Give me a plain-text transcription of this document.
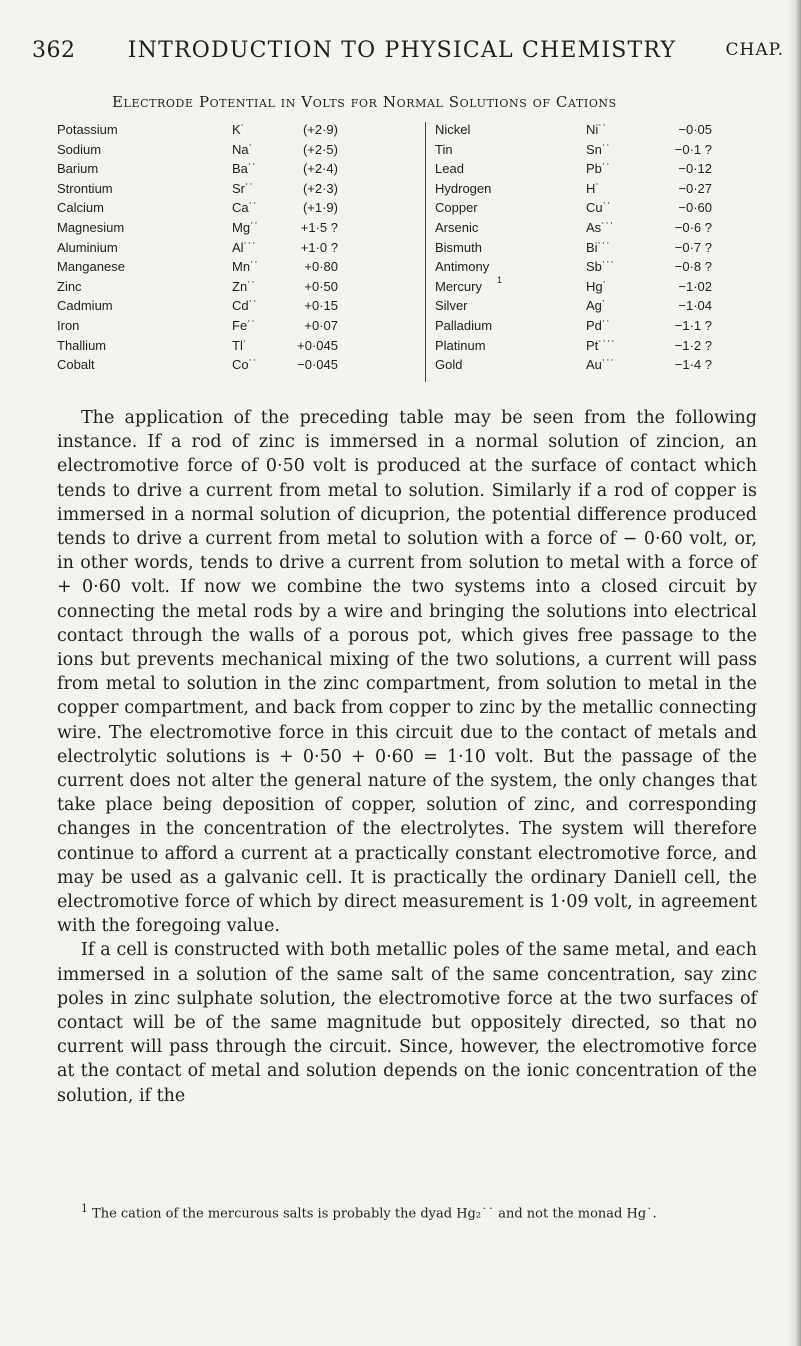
362	INTRODUCTION TO PHYSICAL CHEMISTRY	CHAP.
Electrode Potential in Volts for Normal Solutions of Cations
Potassium	K˙	(+2·9)	Nickel	Ni˙˙	−0·05
Sodium	Na˙	(+2·5)	Tin	Sn˙˙	−0·1 ?
Barium	Ba˙˙	(+2·4)	Lead	Pb˙˙	−0·12
Strontium	Sr˙˙	(+2·3)	Hydrogen	H˙	−0·27
Calcium	Ca˙˙	(+1·9)	Copper	Cu˙˙	−0·60
Magnesium	Mg˙˙	+1·5 ?	Arsenic	As˙˙˙	−0·6 ?
Aluminium	Al˙˙˙	+1·0 ?	Bismuth	Bi˙˙˙	−0·7 ?
Manganese	Mn˙˙	+0·80	Antimony	Sb˙˙˙	−0·8 ?
Zinc	Zn˙˙	+0·50	Mercury 1	Hg˙	−1·02
Cadmium	Cd˙˙	+0·15	Silver	Ag˙	−1·04
Iron	Fe˙˙	+0·07	Palladium	Pd˙˙	−1·1 ?
Thallium	Tl˙	+0·045	Platinum	Pt˙˙˙˙	−1·2 ?
Cobalt	Co˙˙	−0·045	Gold	Au˙˙˙	−1·4 ?

The application of the preceding table may be seen from the following instance. If a rod of zinc is immersed in a normal solution of zincion, an electromotive force of 0·50 volt is produced at the surface of contact which tends to drive a current from metal to solution. Similarly if a rod of copper is immersed in a normal solution of dicuprion, the potential difference produced tends to drive a current from metal to solution with a force of − 0·60 volt, or, in other words, tends to drive a current from solution to metal with a force of + 0·60 volt. If now we combine the two systems into a closed circuit by connecting the metal rods by a wire and bringing the solutions into electrical contact through the walls of a porous pot, which gives free passage to the ions but prevents mechanical mixing of the two solutions, a current will pass from metal to solution in the zinc compartment, from solution to metal in the copper compartment, and back from copper to zinc by the metallic connecting wire. The electromotive force in this circuit due to the contact of metals and electrolytic solutions is + 0·50 + 0·60 = 1·10 volt. But the passage of the current does not alter the general nature of the system, the only changes that take place being deposition of copper, solution of zinc, and corresponding changes in the concentration of the electrolytes. The system will therefore continue to afford a current at a practically constant electromotive force, and may be used as a galvanic cell. It is practically the ordinary Daniell cell, the electromotive force of which by direct measurement is 1·09 volt, in agreement with the foregoing value.

If a cell is constructed with both metallic poles of the same metal, and each immersed in a solution of the same salt of the same concentration, say zinc poles in zinc sulphate solution, the electromotive force at the two surfaces of contact will be of the same magnitude but oppositely directed, so that no current will pass through the circuit. Since, however, the electromotive force at the contact of metal and solution depends on the ionic concentration of the solution, if the

$^1$ The cation of the mercurous salts is probably the dyad Hg₂˙˙ and not the monad Hg˙.
